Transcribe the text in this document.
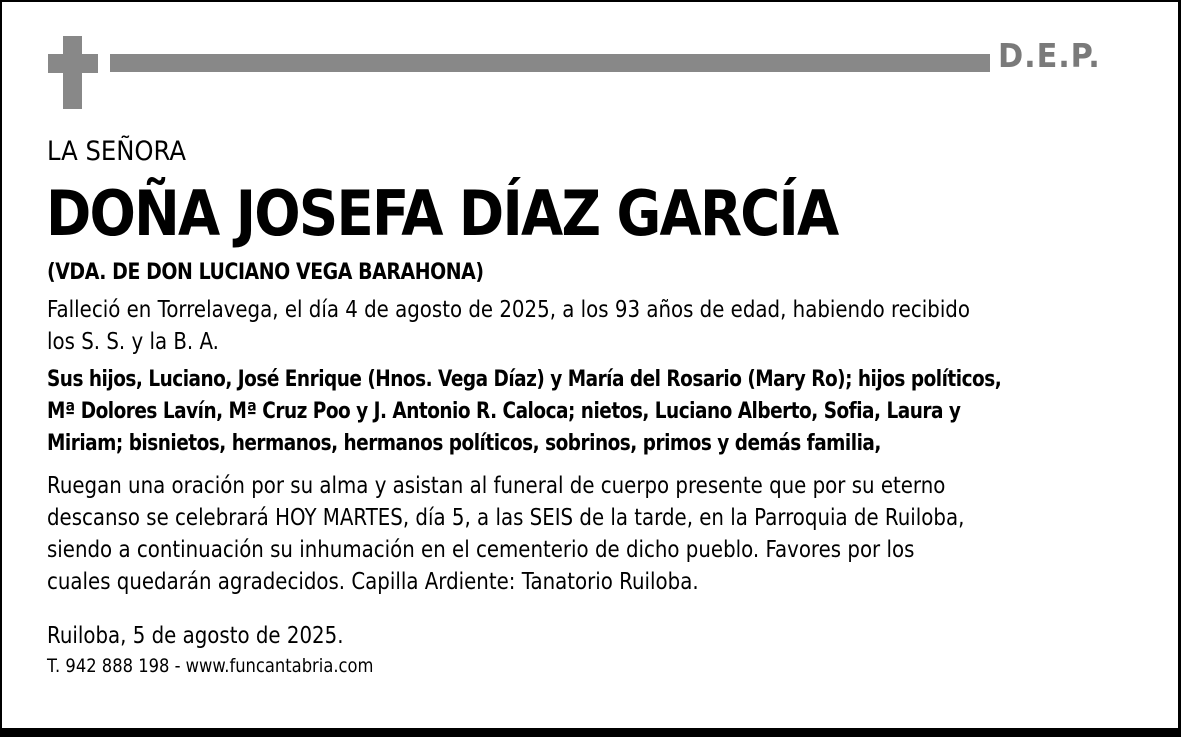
D.E.P.

LA SEÑORA

DOÑA JOSEFA DÍAZ GARCÍA

(VDA. DE DON LUCIANO VEGA BARAHONA)

Falleció en Torrelavega, el día 4 de agosto de 2025, a los 93 años de edad, habiendo recibido
los S. S. y la B. A.

Sus hijos, Luciano, José Enrique (Hnos. Vega Díaz) y María del Rosario (Mary Ro); hijos políticos,
Mª Dolores Lavín, Mª Cruz Poo y J. Antonio R. Caloca; nietos, Luciano Alberto, Sofia, Laura y
Miriam; bisnietos, hermanos, hermanos políticos, sobrinos, primos y demás familia,

Ruegan una oración por su alma y asistan al funeral de cuerpo presente que por su eterno
descanso se celebrará HOY MARTES, día 5, a las SEIS de la tarde, en la Parroquia de Ruiloba,
siendo a continuación su inhumación en el cementerio de dicho pueblo. Favores por los
cuales quedarán agradecidos. Capilla Ardiente: Tanatorio Ruiloba.

Ruiloba, 5 de agosto de 2025.

T. 942 888 198 - www.funcantabria.com
